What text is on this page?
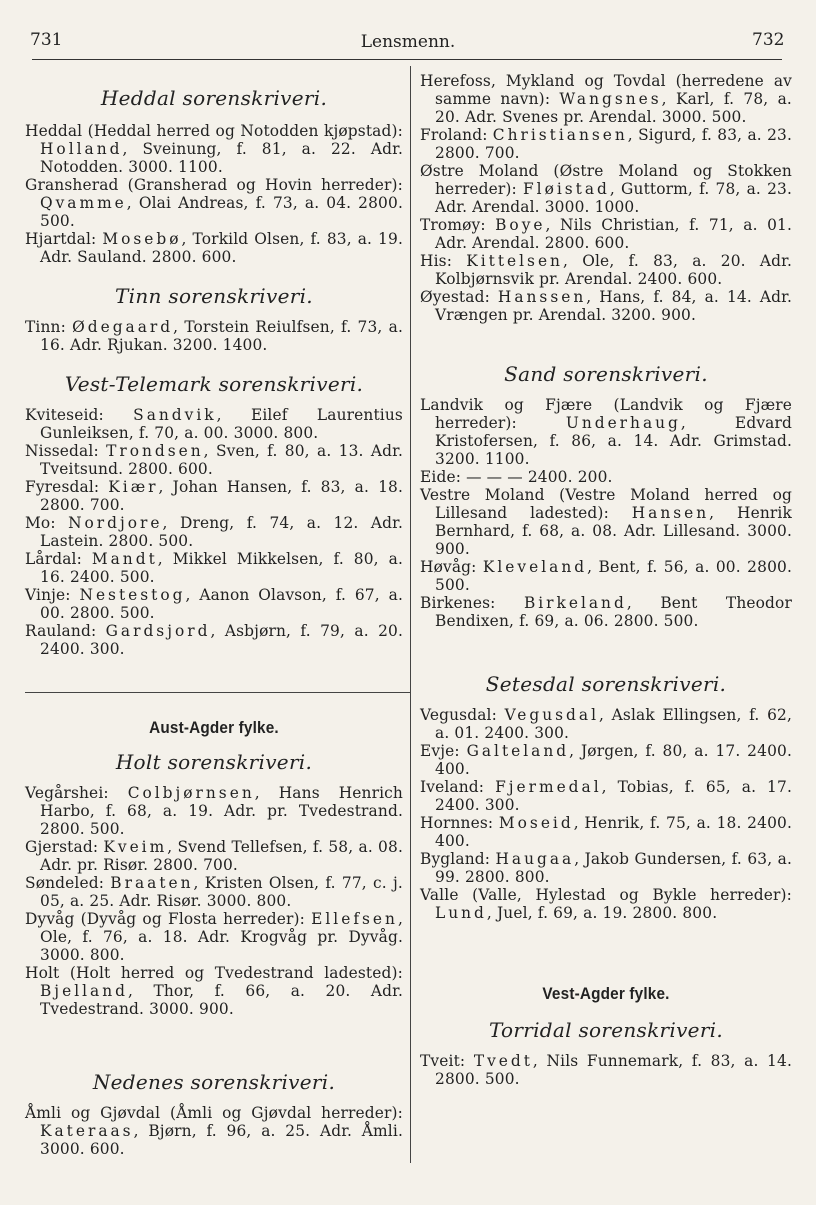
731	Lensmenn.	732
Heddal sorenskriveri.
Heddal (Heddal herred og Notodden kjøpstad): Holland, Sveinung, f. 81, a. 22. Adr. Notodden. 3000. 1100.
Gransherad (Gransherad og Hovin herreder): Qvamme, Olai Andreas, f. 73, a. 04. 2800. 500.
Hjartdal: Mosebø, Torkild Olsen, f. 83, a. 19. Adr. Sauland. 2800. 600.
Tinn sorenskriveri.
Tinn: Ødegaard, Torstein Reiulfsen, f. 73, a. 16. Adr. Rjukan. 3200. 1400.
Vest-Telemark sorenskriveri.
Kviteseid: Sandvik, Eilef Laurentius Gunleiksen, f. 70, a. 00. 3000. 800.
Nissedal: Trondsen, Sven, f. 80, a. 13. Adr. Tveitsund. 2800. 600.
Fyresdal: Kiær, Johan Hansen, f. 83, a. 18. 2800. 700.
Mo: Nordjore, Dreng, f. 74, a. 12. Adr. Lastein. 2800. 500.
Lårdal: Mandt, Mikkel Mikkelsen, f. 80, a. 16. 2400. 500.
Vinje: Nestestog, Aanon Olavson, f. 67, a. 00. 2800. 500.
Rauland: Gardsjord, Asbjørn, f. 79, a. 20. 2400. 300.
Aust-Agder fylke.
Holt sorenskriveri.
Vegårshei: Colbjørnsen, Hans Henrich Harbo, f. 68, a. 19. Adr. pr. Tvedestrand. 2800. 500.
Gjerstad: Kveim, Svend Tellefsen, f. 58, a. 08. Adr. pr. Risør. 2800. 700.
Søndeled: Braaten, Kristen Olsen, f. 77, c. j. 05, a. 25. Adr. Risør. 3000. 800.
Dyvåg (Dyvåg og Flosta herreder): Ellefsen, Ole, f. 76, a. 18. Adr. Krogvåg pr. Dyvåg. 3000. 800.
Holt (Holt herred og Tvedestrand ladested): Bjelland, Thor, f. 66, a. 20. Adr. Tvedestrand. 3000. 900.
Nedenes sorenskriveri.
Åmli og Gjøvdal (Åmli og Gjøvdal herreder): Kateraas, Bjørn, f. 96, a. 25. Adr. Åmli. 3000. 600.
Herefoss, Mykland og Tovdal (herredene av samme navn): Wangsnes, Karl, f. 78, a. 20. Adr. Svenes pr. Arendal. 3000. 500.
Froland: Christiansen, Sigurd, f. 83, a. 23. 2800. 700.
Østre Moland (Østre Moland og Stokken herreder): Fløistad, Guttorm, f. 78, a. 23. Adr. Arendal. 3000. 1000.
Tromøy: Boye, Nils Christian, f. 71, a. 01. Adr. Arendal. 2800. 600.
His: Kittelsen, Ole, f. 83, a. 20. Adr. Kolbjørnsvik pr. Arendal. 2400. 600.
Øyestad: Hanssen, Hans, f. 84, a. 14. Adr. Vrængen pr. Arendal. 3200. 900.
Sand sorenskriveri.
Landvik og Fjære (Landvik og Fjære herreder): Underhaug, Edvard Kristofersen, f. 86, a. 14. Adr. Grimstad. 3200. 1100.
Eide: — — — 2400. 200.
Vestre Moland (Vestre Moland herred og Lillesand ladested): Hansen, Henrik Bernhard, f. 68, a. 08. Adr. Lillesand. 3000. 900.
Høvåg: Kleveland, Bent, f. 56, a. 00. 2800. 500.
Birkenes: Birkeland, Bent Theodor Bendixen, f. 69, a. 06. 2800. 500.
Setesdal sorenskriveri.
Vegusdal: Vegusdal, Aslak Ellingsen, f. 62, a. 01. 2400. 300.
Evje: Galteland, Jørgen, f. 80, a. 17. 2400. 400.
Iveland: Fjermedal, Tobias, f. 65, a. 17. 2400. 300.
Hornnes: Moseid, Henrik, f. 75, a. 18. 2400. 400.
Bygland: Haugaa, Jakob Gundersen, f. 63, a. 99. 2800. 800.
Valle (Valle, Hylestad og Bykle herreder): Lund, Juel, f. 69, a. 19. 2800. 800.
Vest-Agder fylke.
Torridal sorenskriveri.
Tveit: Tvedt, Nils Funnemark, f. 83, a. 14. 2800. 500.
